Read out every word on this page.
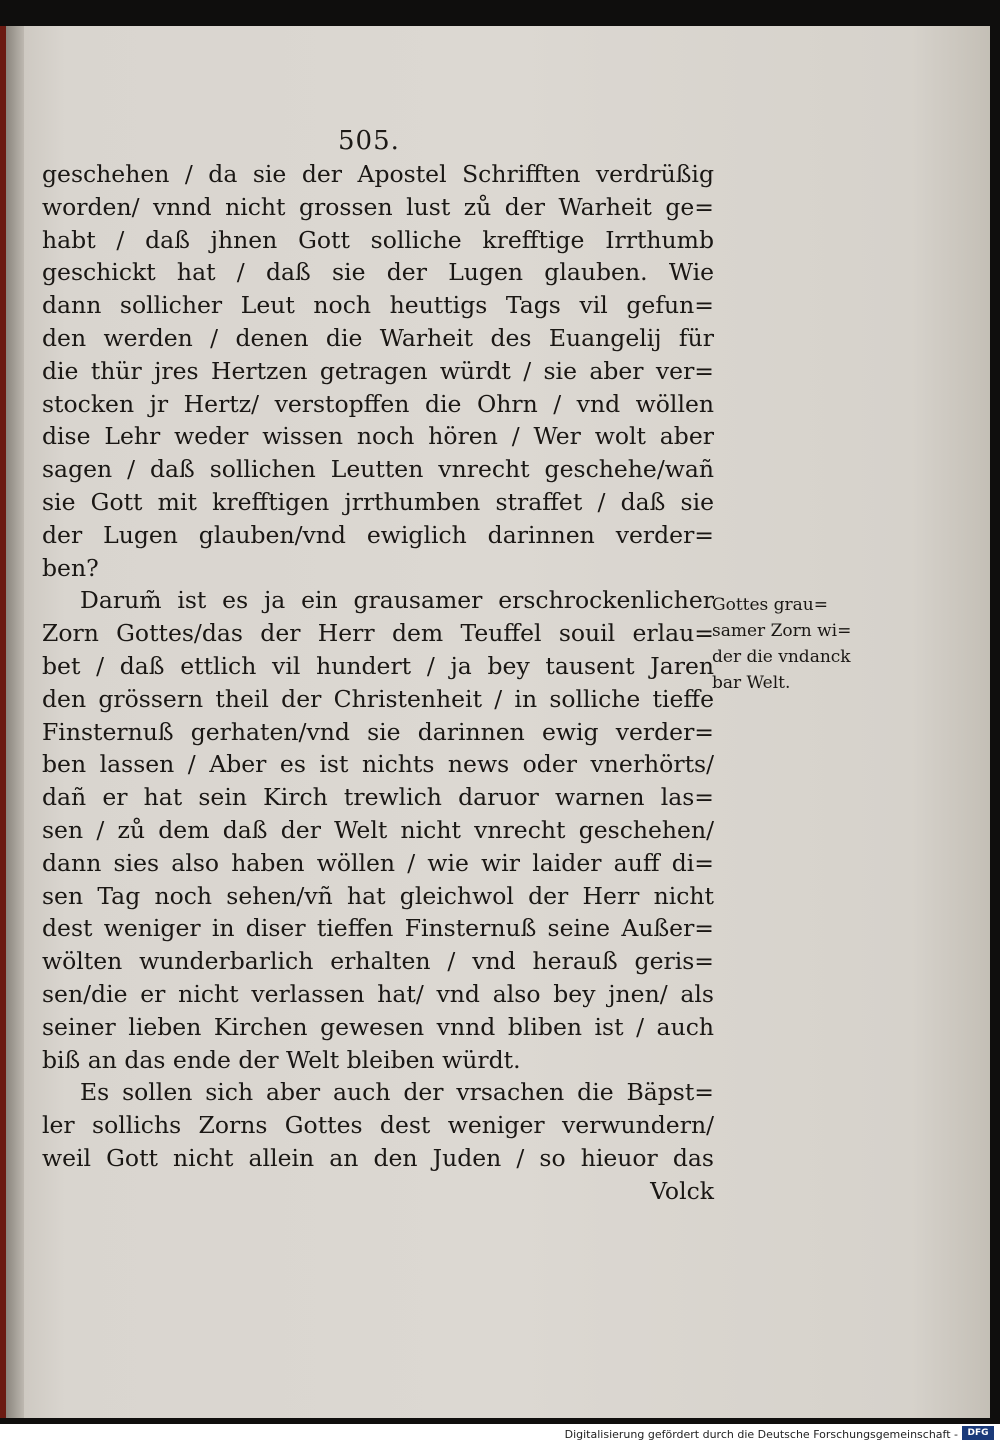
505.
geschehen / da sie der Apostel Schrifften verdrüßig
worden/ vnnd nicht grossen lust zů der Warheit ge=
habt / daß jhnen Gott solliche krefftige Irrthumb
geschickt hat / daß sie der Lugen glauben. Wie
dann sollicher Leut noch heuttigs Tags vil gefun=
den werden / denen die Warheit des Euangelij für
die thür jres Hertzen getragen würdt / sie aber ver=
stocken jr Hertz/ verstopffen die Ohrn / vnd wöllen
dise Lehr weder wissen noch hören / Wer wolt aber
sagen / daß sollichen Leutten vnrecht geschehe/wañ
sie Gott mit krefftigen jrrthumben straffet / daß sie
der Lugen glauben/vnd ewiglich darinnen verder=
ben?
Darum̃ ist es ja ein grausamer erschrockenlicher
Zorn Gottes/das der Herr dem Teuffel souil erlau=
bet / daß ettlich vil hundert / ja bey tausent Jaren
den grössern theil der Christenheit / in solliche tieffe
Finsternuß gerhaten/vnd sie darinnen ewig verder=
ben lassen / Aber es ist nichts news oder vnerhörts/
dañ er hat sein Kirch trewlich daruor warnen las=
sen / zů dem daß der Welt nicht vnrecht geschehen/
dann sies also haben wöllen / wie wir laider auff di=
sen Tag noch sehen/vñ hat gleichwol der Herr nicht
dest weniger in diser tieffen Finsternuß seine Außer=
wölten wunderbarlich erhalten / vnd herauß geris=
sen/die er nicht verlassen hat/ vnd also bey jnen/ als
seiner lieben Kirchen gewesen vnnd bliben ist / auch
biß an das ende der Welt bleiben würdt.
Es sollen sich aber auch der vrsachen die Bäpst=
ler sollichs Zorns Gottes dest weniger verwundern/
weil Gott nicht allein an den Juden / so hieuor das
Volck
Gottes grau=
samer Zorn wi=
der die vndanck
bar Welt.
Digitalisierung gefördert durch die Deutsche Forschungsgemeinschaft -	DFG
